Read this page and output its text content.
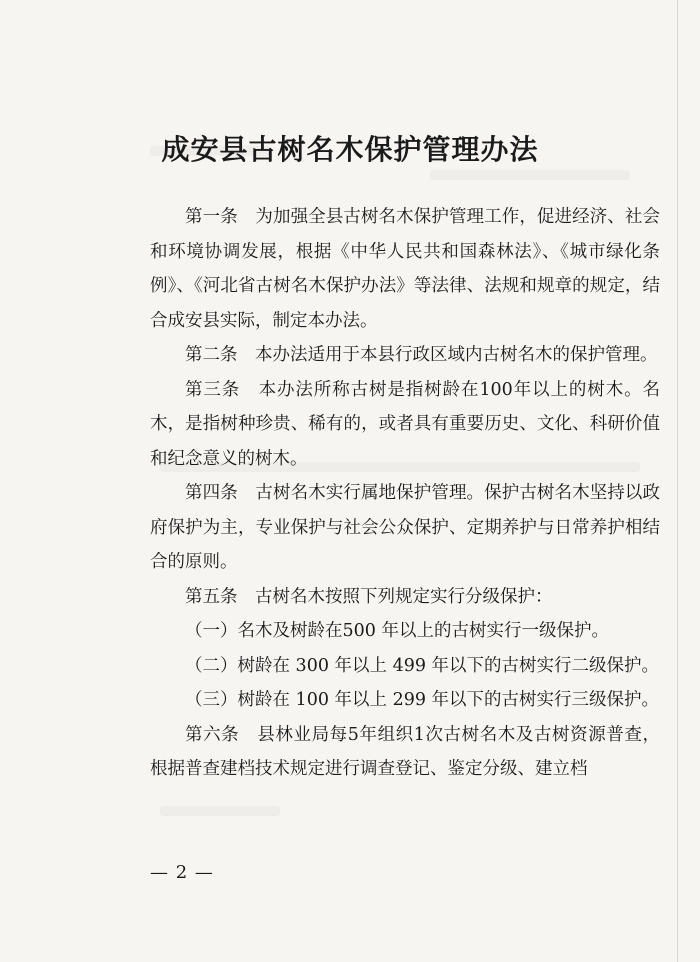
成安县古树名木保护管理办法

第一条　为加强全县古树名木保护管理工作，促进经济、社会和环境协调发展，根据《中华人民共和国森林法》、《城市绿化条例》、《河北省古树名木保护办法》等法律、法规和规章的规定，结合成安县实际，制定本办法。

第二条　本办法适用于本县行政区域内古树名木的保护管理。

第三条　本办法所称古树是指树龄在100年以上的树木。名木，是指树种珍贵、稀有的，或者具有重要历史、文化、科研价值和纪念意义的树木。

第四条　古树名木实行属地保护管理。保护古树名木坚持以政府保护为主，专业保护与社会公众保护、定期养护与日常养护相结合的原则。

第五条　古树名木按照下列规定实行分级保护：

（一）名木及树龄在500 年以上的古树实行一级保护。

（二）树龄在 300 年以上 499 年以下的古树实行二级保护。

（三）树龄在 100 年以上 299 年以下的古树实行三级保护。

第六条　县林业局每5年组织1次古树名木及古树资源普查，根据普查建档技术规定进行调查登记、鉴定分级、建立档

— 2 —
